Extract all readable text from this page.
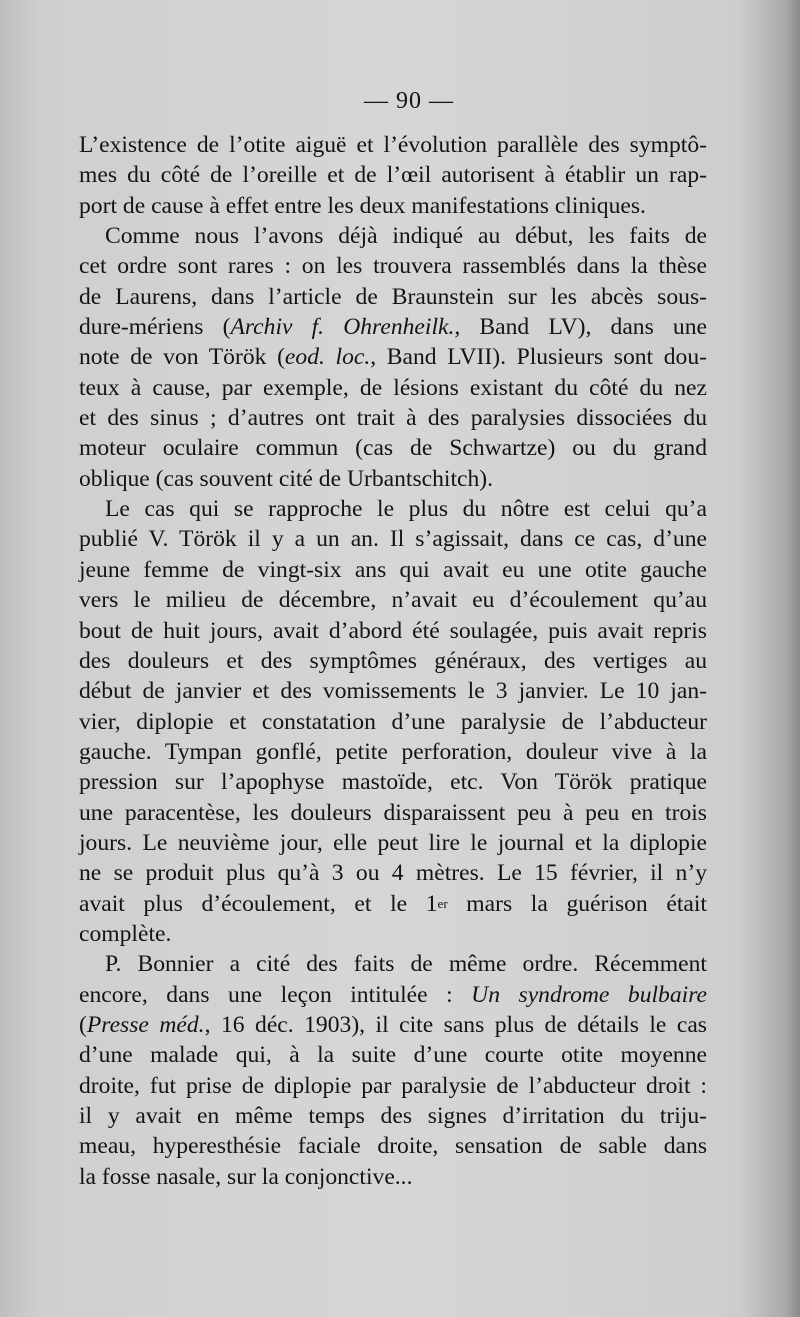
— 90 —
L’existence de l’otite aiguë et l’évolution parallèle des symptô-
mes du côté de l’oreille et de l’œil autorisent à établir un rap-
port de cause à effet entre les deux manifestations cliniques.
Comme nous l’avons déjà indiqué au début, les faits de
cet ordre sont rares : on les trouvera rassemblés dans la thèse
de Laurens, dans l’article de Braunstein sur les abcès sous-
dure-mériens (Archiv f. Ohrenheilk., Band LV), dans une
note de von Török (eod. loc., Band LVII). Plusieurs sont dou-
teux à cause, par exemple, de lésions existant du côté du nez
et des sinus ; d’autres ont trait à des paralysies dissociées du
moteur oculaire commun (cas de Schwartze) ou du grand
oblique (cas souvent cité de Urbantschitch).
Le cas qui se rapproche le plus du nôtre est celui qu’a
publié V. Török il y a un an. Il s’agissait, dans ce cas, d’une
jeune femme de vingt-six ans qui avait eu une otite gauche
vers le milieu de décembre, n’avait eu d’écoulement qu’au
bout de huit jours, avait d’abord été soulagée, puis avait repris
des douleurs et des symptômes généraux, des vertiges au
début de janvier et des vomissements le 3 janvier. Le 10 jan-
vier, diplopie et constatation d’une paralysie de l’abducteur
gauche. Tympan gonflé, petite perforation, douleur vive à la
pression sur l’apophyse mastoïde, etc. Von Török pratique
une paracentèse, les douleurs disparaissent peu à peu en trois
jours. Le neuvième jour, elle peut lire le journal et la diplopie
ne se produit plus qu’à 3 ou 4 mètres. Le 15 février, il n’y
avait plus d’écoulement, et le 1er mars la guérison était
complète.
P. Bonnier a cité des faits de même ordre. Récemment
encore, dans une leçon intitulée : Un syndrome bulbaire
(Presse méd., 16 déc. 1903), il cite sans plus de détails le cas
d’une malade qui, à la suite d’une courte otite moyenne
droite, fut prise de diplopie par paralysie de l’abducteur droit :
il y avait en même temps des signes d’irritation du triju-
meau, hyperesthésie faciale droite, sensation de sable dans
la fosse nasale, sur la conjonctive...
